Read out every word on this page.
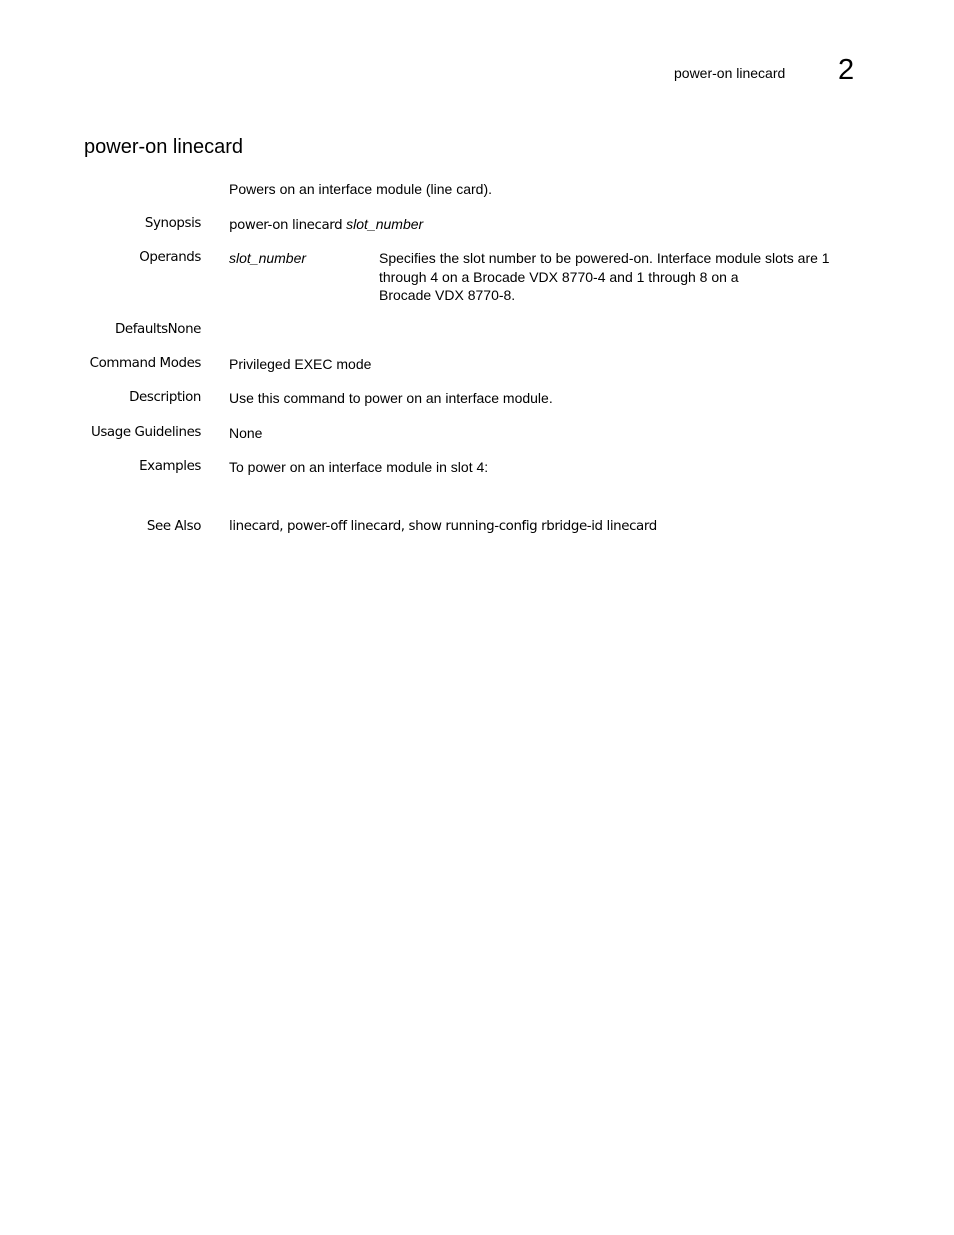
power-on linecard 2
power-on linecard
Powers on an interface module (line card).
Synopsis power-on linecard slot_number
Operands slot_number	Specifies the slot number to be powered-on. Interface module slots are 1
through 4 on a Brocade VDX 8770-4 and 1 through 8 on a
Brocade VDX 8770-8.
DefaultsNone
Command Modes Privileged EXEC mode
Description Use this command to power on an interface module.
Usage Guidelines None
Examples To power on an interface module in slot 4:
See Also linecard, power-off linecard, show running-config rbridge-id linecard
